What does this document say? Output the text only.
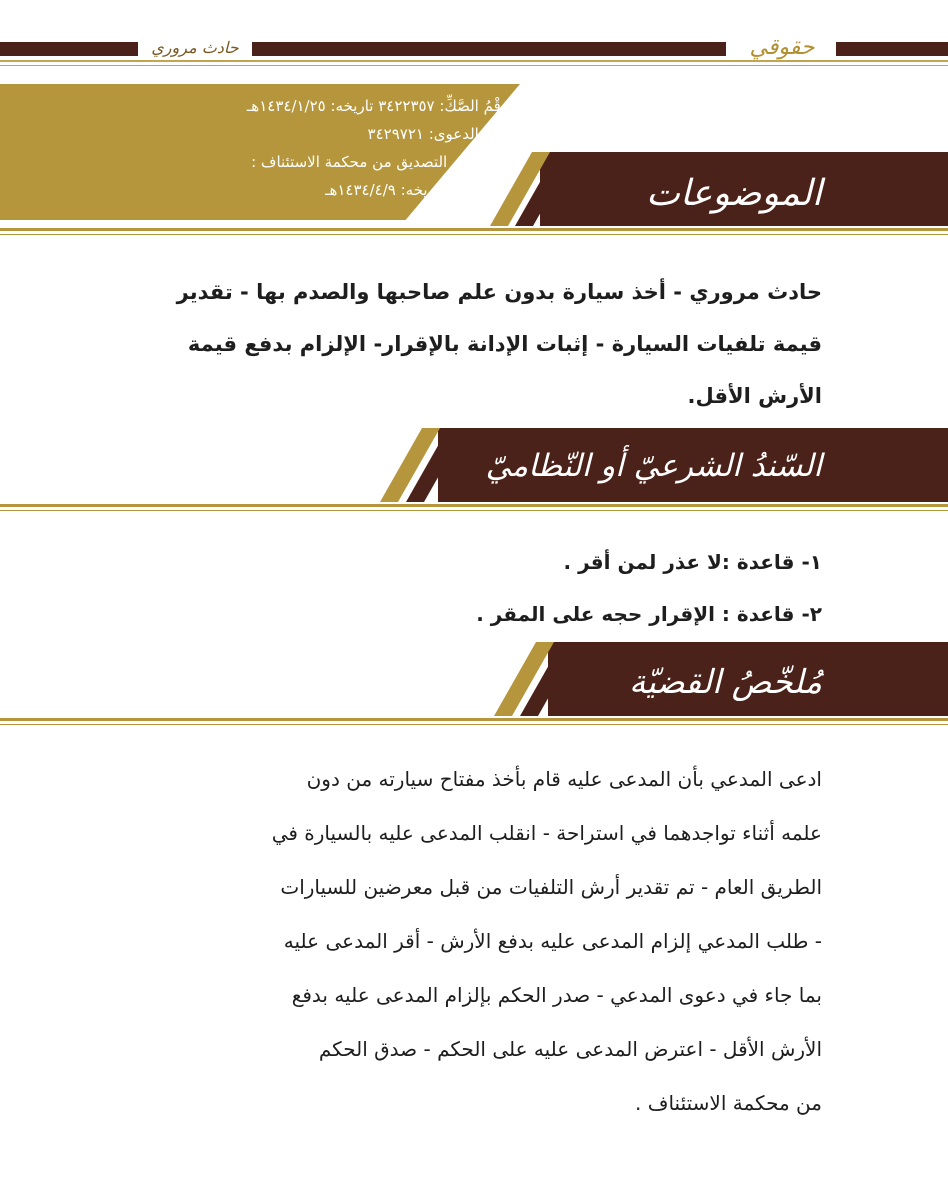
حادث مروري	حقوقي
رَقْمُ الصَّكِّ: ٣٤٢٢٣٥٧ تاريخه: ١٤٣٤/١/٢٥هـ
رَقْمُ الدعوى: ٣٤٢٩٧٢١
رقم قرار التصديق من محكمة الاستئناف :
٣٤١٨٣٧٤٧تاريخه: ١٤٣٤/٤/٩هـ	الموضوعات
حادث مروري - أخذ سيارة بدون علم صاحبها والصدم بها - تقدير
قيمة تلفيات السيارة - إثبات الإدانة بالإقرار- الإلزام بدفع قيمة
الأرش الأقل.
السّندُ الشرعيّ أو النّظاميّ
١- قاعدة :لا عذر لمن أقر .
٢- قاعدة : الإقرار حجه على المقر .
مُلخّصُ القضيّة
ادعى المدعي بأن المدعى عليه قام بأخذ مفتاح سيارته من دون
علمه أثناء تواجدهما في استراحة - انقلب المدعى عليه بالسيارة في
الطريق العام - تم تقدير أرش التلفيات من قبل معرضين للسيارات
- طلب المدعي إلزام المدعى عليه بدفع الأرش - أقر المدعى عليه
بما جاء في دعوى المدعي - صدر الحكم بإلزام المدعى عليه بدفع
الأرش الأقل - اعترض المدعى عليه على الحكم - صدق الحكم
من محكمة الاستئناف .
